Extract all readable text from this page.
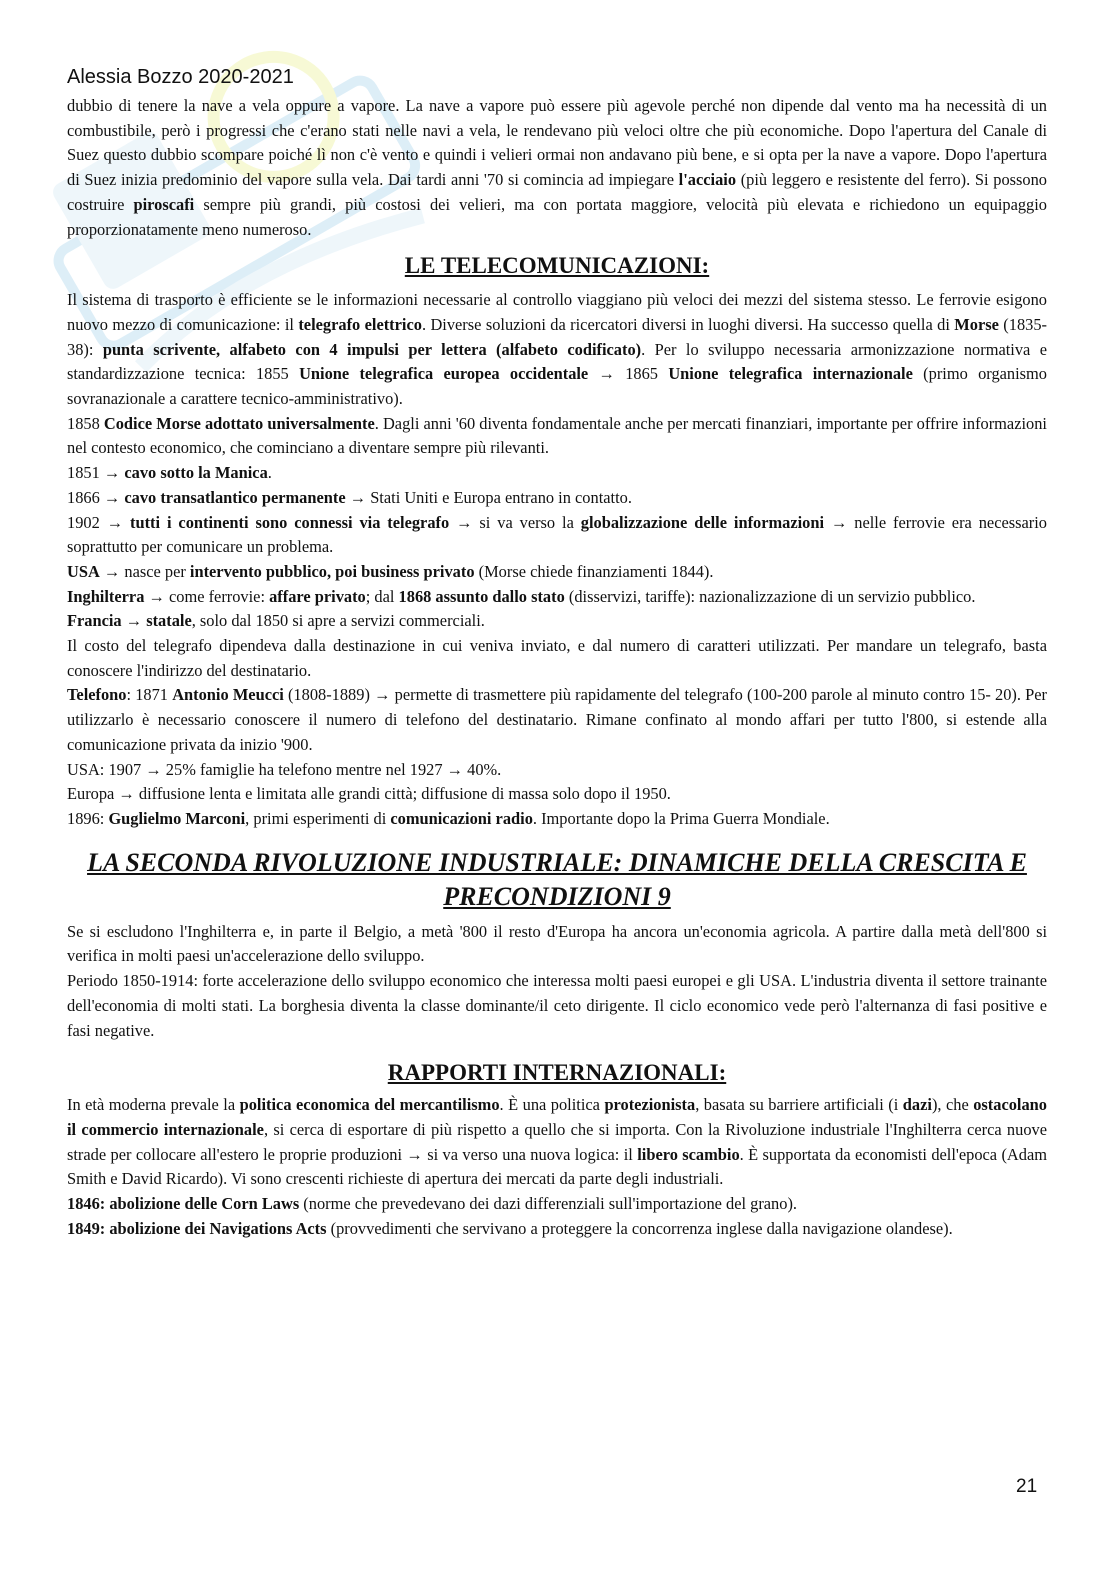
Alessia Bozzo 2020-2021

dubbio di tenere la nave a vela oppure a vapore. La nave a vapore può essere più agevole perché non dipende dal vento ma ha necessità di un combustibile, però i progressi che c'erano stati nelle navi a vela, le rendevano più veloci oltre che più economiche. Dopo l'apertura del Canale di Suez questo dubbio scompare poiché lì non c'è vento e quindi i velieri ormai non andavano più bene, e si opta per la nave a vapore. Dopo l'apertura di Suez inizia predominio del vapore sulla vela. Dai tardi anni '70 si comincia ad impiegare l'acciaio (più leggero e resistente del ferro). Si possono costruire piroscafi sempre più grandi, più costosi dei velieri, ma con portata maggiore, velocità più elevata e richiedono un equipaggio proporzionatamente meno numeroso.

LE TELECOMUNICAZIONI:

Il sistema di trasporto è efficiente se le informazioni necessarie al controllo viaggiano più veloci dei mezzi del sistema stesso. Le ferrovie esigono nuovo mezzo di comunicazione: il telegrafo elettrico. Diverse soluzioni da ricercatori diversi in luoghi diversi. Ha successo quella di Morse (1835-38): punta scrivente, alfabeto con 4 impulsi per lettera (alfabeto codificato). Per lo sviluppo necessaria armonizzazione normativa e standardizzazione tecnica: 1855 Unione telegrafica europea occidentale → 1865 Unione telegrafica internazionale (primo organismo sovranazionale a carattere tecnico-amministrativo).

1858 Codice Morse adottato universalmente. Dagli anni '60 diventa fondamentale anche per mercati finanziari, importante per offrire informazioni nel contesto economico, che cominciano a diventare sempre più rilevanti.

1851 → cavo sotto la Manica.

1866 → cavo transatlantico permanente → Stati Uniti e Europa entrano in contatto.

1902 → tutti i continenti sono connessi via telegrafo → si va verso la globalizzazione delle informazioni → nelle ferrovie era necessario soprattutto per comunicare un problema.

USA → nasce per intervento pubblico, poi business privato (Morse chiede finanziamenti 1844).

Inghilterra → come ferrovie: affare privato; dal 1868 assunto dallo stato (disservizi, tariffe): nazionalizzazione di un servizio pubblico.

Francia → statale, solo dal 1850 si apre a servizi commerciali.

Il costo del telegrafo dipendeva dalla destinazione in cui veniva inviato, e dal numero di caratteri utilizzati. Per mandare un telegrafo, basta conoscere l'indirizzo del destinatario.

Telefono: 1871 Antonio Meucci (1808-1889) → permette di trasmettere più rapidamente del telegrafo (100-200 parole al minuto contro 15- 20). Per utilizzarlo è necessario conoscere il numero di telefono del destinatario. Rimane confinato al mondo affari per tutto l'800, si estende alla comunicazione privata da inizio '900.

USA: 1907 → 25% famiglie ha telefono mentre nel 1927 → 40%.

Europa → diffusione lenta e limitata alle grandi città; diffusione di massa solo dopo il 1950.

1896: Guglielmo Marconi, primi esperimenti di comunicazioni radio. Importante dopo la Prima Guerra Mondiale.

LA SECONDA RIVOLUZIONE INDUSTRIALE: DINAMICHE DELLA CRESCITA E PRECONDIZIONI 9

Se si escludono l'Inghilterra e, in parte il Belgio, a metà '800 il resto d'Europa ha ancora un'economia agricola. A partire dalla metà dell'800 si verifica in molti paesi un'accelerazione dello sviluppo.

Periodo 1850-1914: forte accelerazione dello sviluppo economico che interessa molti paesi europei e gli USA. L'industria diventa il settore trainante dell'economia di molti stati. La borghesia diventa la classe dominante/il ceto dirigente. Il ciclo economico vede però l'alternanza di fasi positive e fasi negative.

RAPPORTI INTERNAZIONALI:

In età moderna prevale la politica economica del mercantilismo. È una politica protezionista, basata su barriere artificiali (i dazi), che ostacolano il commercio internazionale, si cerca di esportare di più rispetto a quello che si importa. Con la Rivoluzione industriale l'Inghilterra cerca nuove strade per collocare all'estero le proprie produzioni → si va verso una nuova logica: il libero scambio. È supportata da economisti dell'epoca (Adam Smith e David Ricardo). Vi sono crescenti richieste di apertura dei mercati da parte degli industriali.

1846: abolizione delle Corn Laws (norme che prevedevano dei dazi differenziali sull'importazione del grano).

1849: abolizione dei Navigations Acts (provvedimenti che servivano a proteggere la concorrenza inglese dalla navigazione olandese).

21
